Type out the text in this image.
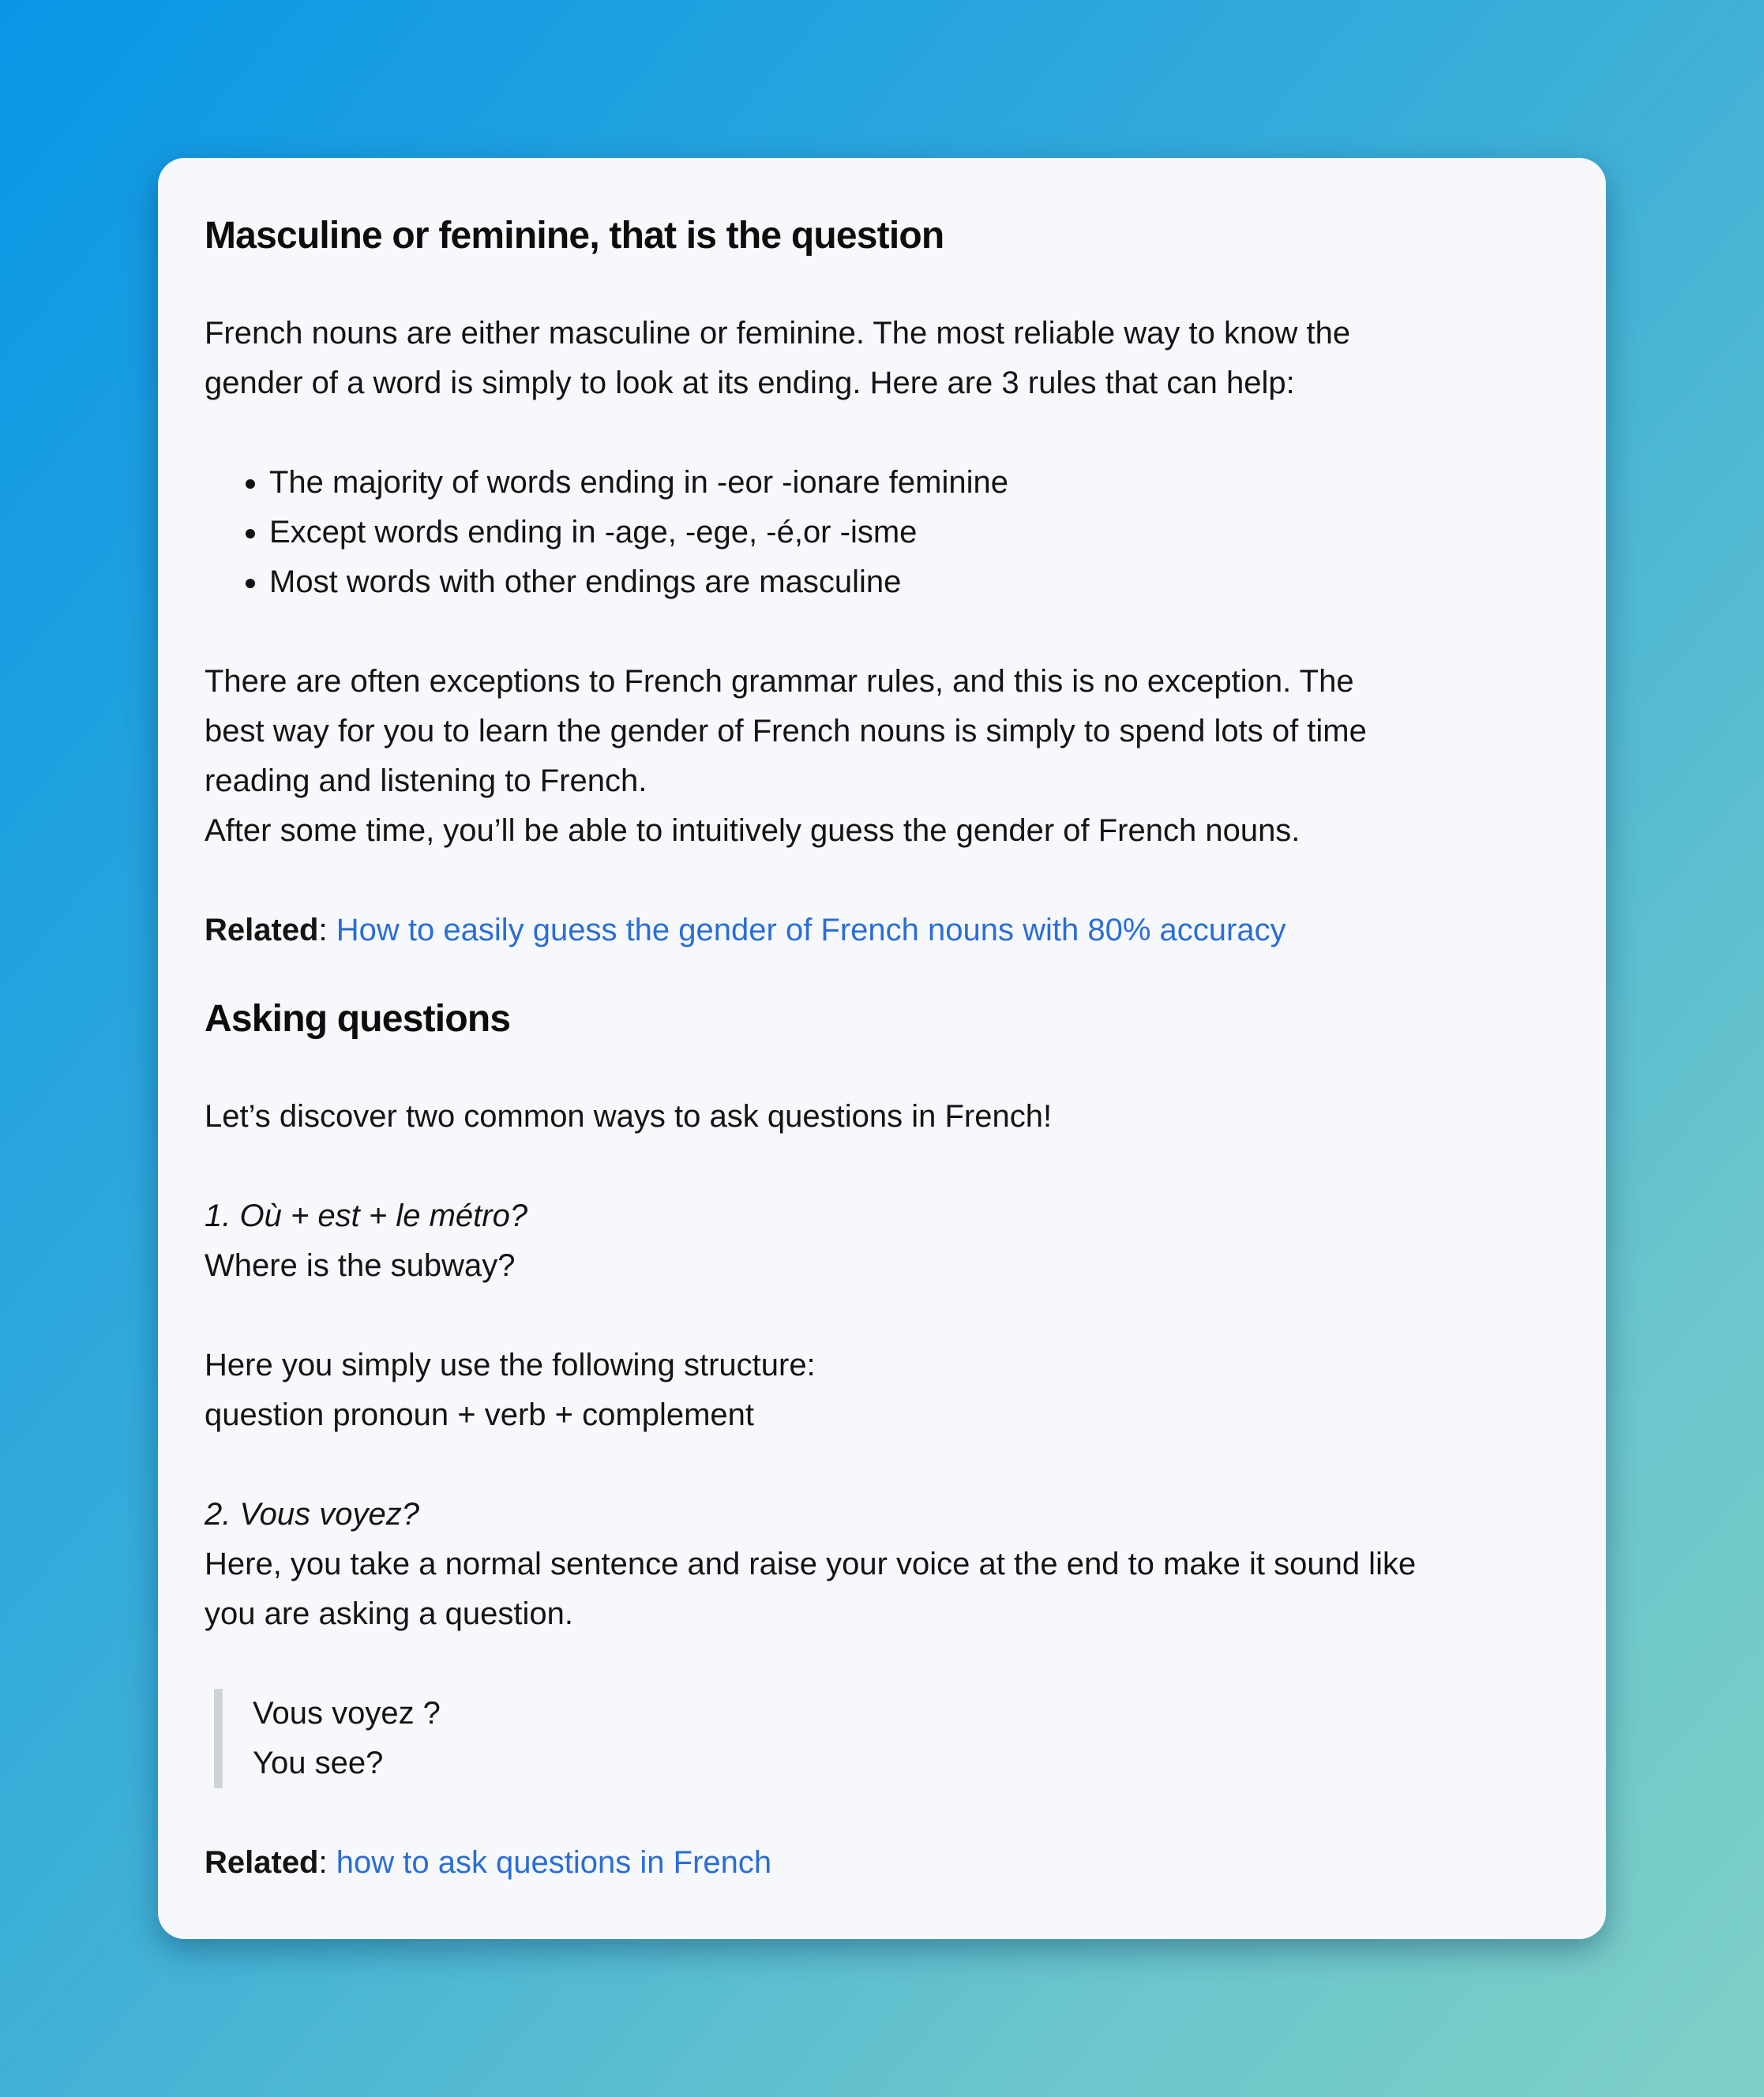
Masculine or feminine, that is the question

French nouns are either masculine or feminine. The most reliable way to know the

gender of a word is simply to look at its ending. Here are 3 rules that can help:

• The majority of words ending in -eor -ionare feminine
• Except words ending in -age, -ege, -é,or -isme
• Most words with other endings are masculine

There are often exceptions to French grammar rules, and this is no exception. The

best way for you to learn the gender of French nouns is simply to spend lots of time

reading and listening to French.

After some time, you’ll be able to intuitively guess the gender of French nouns.

Related: How to easily guess the gender of French nouns with 80% accuracy

Asking questions

Let’s discover two common ways to ask questions in French!

1. Où + est + le métro?

Where is the subway?

Here you simply use the following structure:

question pronoun + verb + complement

2. Vous voyez?

Here, you take a normal sentence and raise your voice at the end to make it sound like

you are asking a question.

Vous voyez ?
You see?

Related: how to ask questions in French
